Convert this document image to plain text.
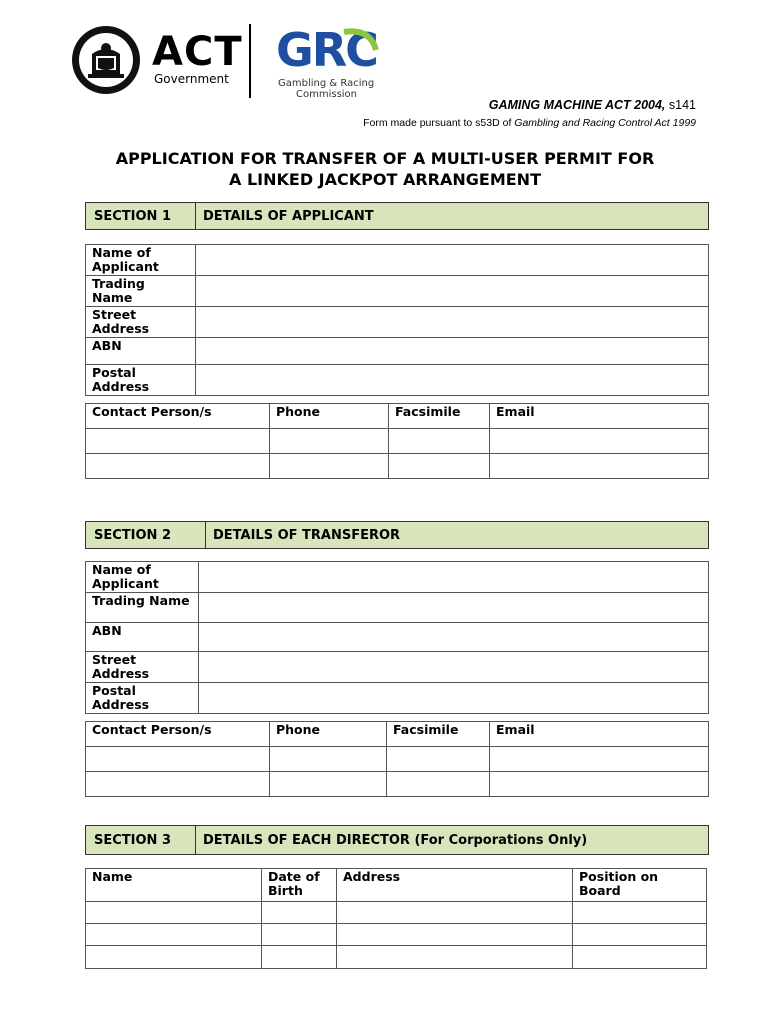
ACT
Government
GRC
Gambling & Racing
Commission
GAMING MACHINE ACT 2004, s141
Form made pursuant to s53D of Gambling and Racing Control Act 1999
APPLICATION FOR TRANSFER OF A MULTI-USER PERMIT FOR
A LINKED JACKPOT ARRANGEMENT
SECTION 1	DETAILS OF APPLICANT
Name of Applicant	
Trading Name	
Street Address	
ABN	
Postal Address	
Contact Person/s	Phone	Facsimile	Email

SECTION 2	DETAILS OF TRANSFEROR
Name of Applicant	
Trading Name	
ABN	
Street Address	
Postal Address	
Contact Person/s	Phone	Facsimile	Email

SECTION 3	DETAILS OF EACH DIRECTOR (For Corporations Only)
Name	Date of Birth	Address	Position on Board
